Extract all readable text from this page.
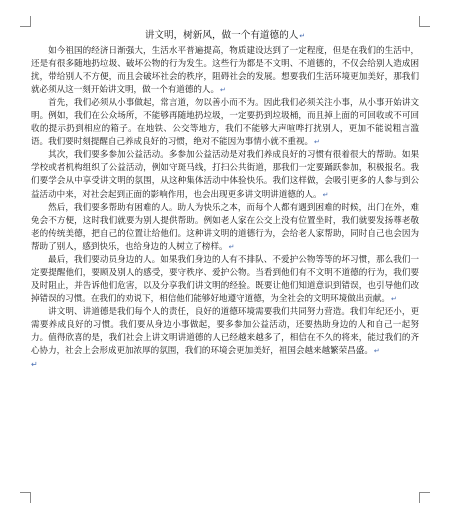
讲文明，树新风，做一个有道德的人↵

如今祖国的经济日渐强大，生活水平普遍提高，物质建设达到了一定程度，但是在我们的生活中，还是有很多随地扔垃圾、破坏公物的行为发生。这些行为都是不文明、不道德的，不仅会给别人造成困扰，带给别人不方便，而且会破坏社会的秩序，阻碍社会的发展。想要我们生活环境更加美好，那我们就必须从这一刻开始讲文明，做一个有道德的人。↵

首先，我们必须从小事做起，常言道，勿以善小而不为。因此我们必须关注小事，从小事开始讲文明。例如，我们在公众场所，不能够再随地扔垃圾，一定要扔到垃圾桶，而且掉上面的可回收或不可回收的提示扔到相应的箱子。在地铁、公交等地方，我们不能够大声喧哗打扰别人，更加不能说粗言滥语。我们要时刻提醒自己养成良好的习惯，绝对不能因为事情小就不重视。↵

其次，我们要多参加公益活动。多参加公益活动是对我们养成良好的习惯有很着很大的帮助。如果学校或者机构组织了公益活动，例如守斑马线，打扫公共街道，那我们一定要踊跃参加，积极报名。我们要学会从中享受讲文明的氛围，从这种集体活动中体验快乐。我们这样做，会吸引更多的人参与到公益活动中来，对社会起到正面的影响作用，也会出现更多讲文明讲道德的人。↵

然后，我们要多帮助有困难的人。助人为快乐之本，而每个人都有遇到困难的时候，出门在外，难免会不方便，这时我们就要为别人提供帮助。例如老人家在公交上没有位置坐时，我们就要发扬尊老敬老的传统美德，把自己的位置让给他们。这种讲文明的道德行为，会给老人家帮助，同时自己也会因为帮助了别人，感到快乐，也给身边的人树立了榜样。↵

最后，我们要动员身边的人。如果我们身边的人有不排队、不爱护公物等等的坏习惯，那么我们一定要提醒他们，要顾及别人的感受，要守秩序、爱护公物。当看到他们有不文明不道德的行为，我们要及时阻止，并告诉他们危害，以及分享我们讲文明的经验。既要让他们知道意识到错误，也引导他们改掉错误的习惯。在我们的劝说下，相信他们能够好地遵守道德，为全社会的文明环境做出贡献。↵

讲文明、讲道德是我们每个人的责任，良好的道德环境需要我们共同努力营造。我们年纪还小，更需要养成良好的习惯。我们要从身边小事做起，要多参加公益活动，还要热助身边的人和自己一起努力。值得欣喜的是，我们社会上讲文明讲道德的人已经越来越多了，相信在不久的将来，能过我们的齐心协力，社会上会形成更加浓厚的氛围，我们的环境会更加美好，祖国会越来越繁荣昌盛。↵

↵
